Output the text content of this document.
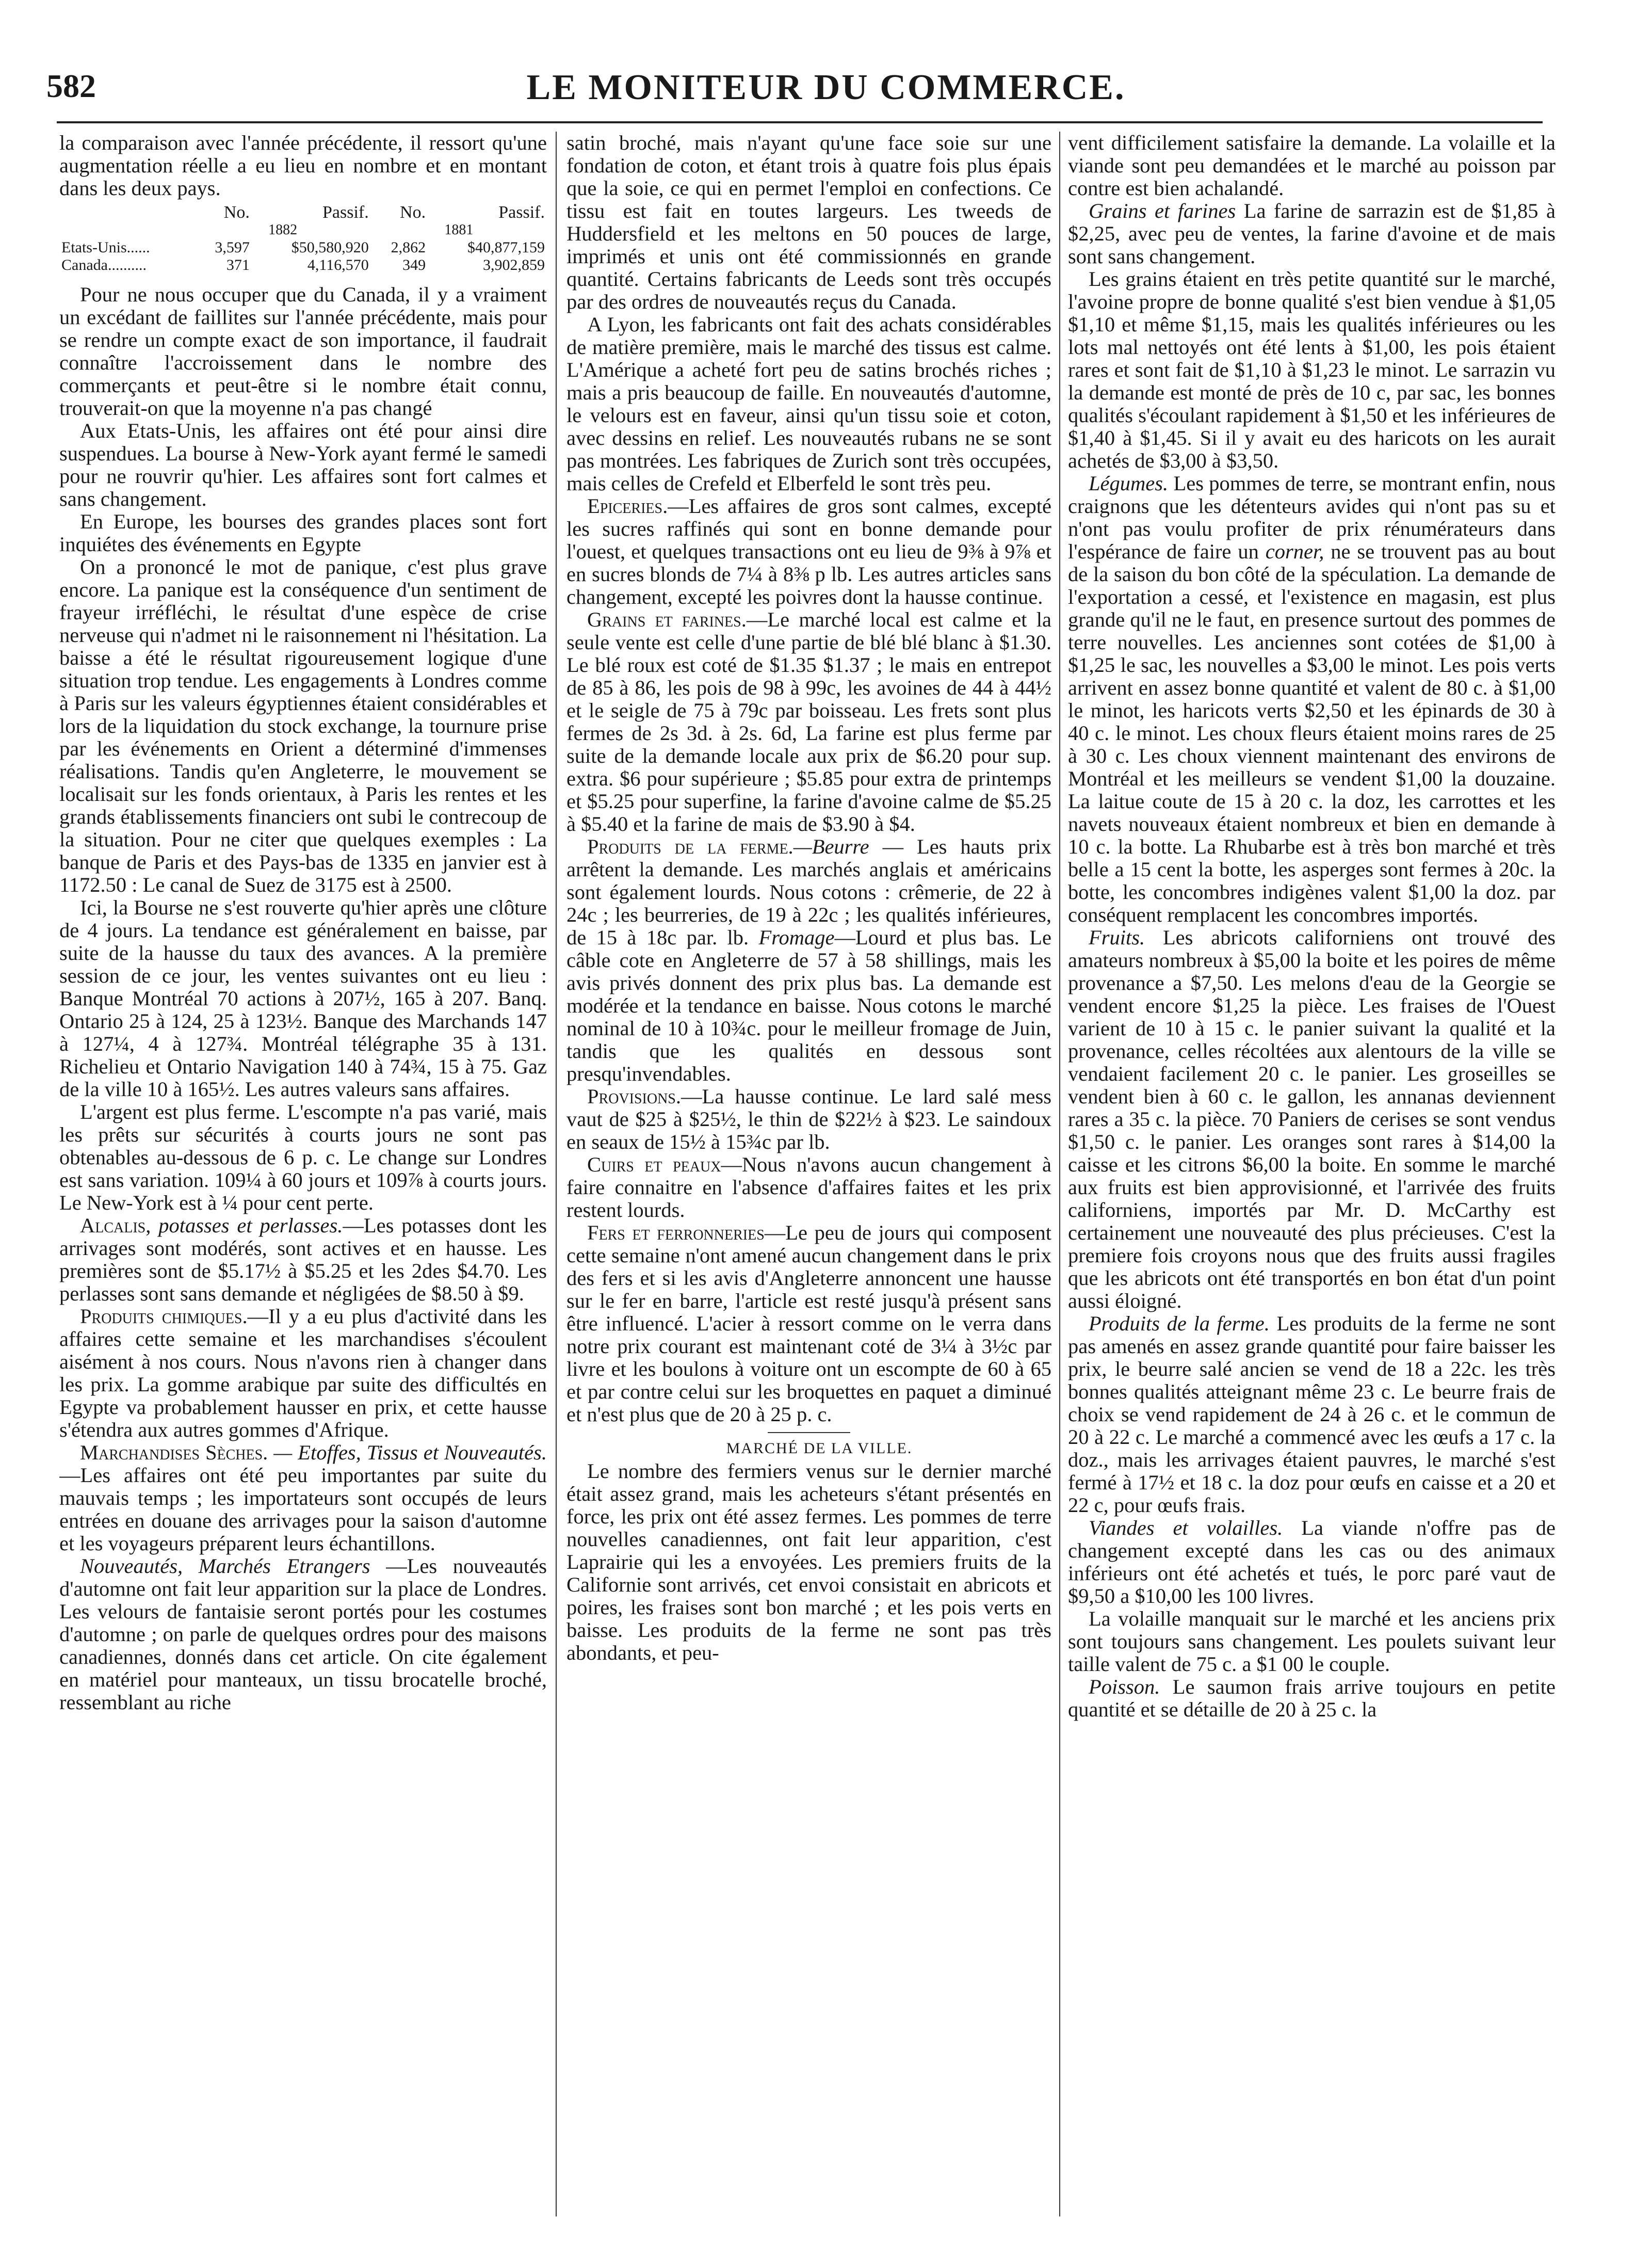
582	LE MONITEUR DU COMMERCE.

la comparaison avec l'année précédente, il ressort qu'une augmentation réelle a eu lieu en nombre et en montant dans les deux pays.

	No.	Passif.	No.	Passif.
	1882		1881	
Etats-Unis......	3,597	$50,580,920	2,862	$40,877,159
Canada..........	371	4,116,570	349	3,902,859

Pour ne nous occuper que du Canada, il y a vraiment un excédant de faillites sur l'année précédente, mais pour se rendre un compte exact de son importance, il faudrait connaître l'accroissement dans le nombre des commerçants et peut-être si le nombre était connu, trouverait-on que la moyenne n'a pas changé

Aux Etats-Unis, les affaires ont été pour ainsi dire suspendues. La bourse à New-York ayant fermé le samedi pour ne rouvrir qu'hier. Les affaires sont fort calmes et sans changement.

En Europe, les bourses des grandes places sont fort inquiétes des événements en Egypte

On a prononcé le mot de panique, c'est plus grave encore. La panique est la conséquence d'un sentiment de frayeur irréfléchi, le résultat d'une espèce de crise nerveuse qui n'admet ni le raisonnement ni l'hésitation. La baisse a été le résultat rigoureusement logique d'une situation trop tendue. Les engagements à Londres comme à Paris sur les valeurs égyptiennes étaient considérables et lors de la liquidation du stock exchange, la tournure prise par les événements en Orient a déterminé d'immenses réalisations. Tandis qu'en Angleterre, le mouvement se localisait sur les fonds orientaux, à Paris les rentes et les grands établissements financiers ont subi le contrecoup de la situation. Pour ne citer que quelques exemples : La banque de Paris et des Pays-bas de 1335 en janvier est à 1172.50 : Le canal de Suez de 3175 est à 2500.

Ici, la Bourse ne s'est rouverte qu'hier après une clôture de 4 jours. La tendance est généralement en baisse, par suite de la hausse du taux des avances. A la première session de ce jour, les ventes suivantes ont eu lieu : Banque Montréal 70 actions à 207½, 165 à 207. Banq. Ontario 25 à 124, 25 à 123½. Banque des Marchands 147 à 127¼, 4 à 127¾. Montréal télégraphe 35 à 131. Richelieu et Ontario Navigation 140 à 74¾, 15 à 75. Gaz de la ville 10 à 165½. Les autres valeurs sans affaires.

L'argent est plus ferme. L'escompte n'a pas varié, mais les prêts sur sécurités à courts jours ne sont pas obtenables au-dessous de 6 p. c. Le change sur Londres est sans variation. 109¼ à 60 jours et 109⅞ à courts jours. Le New-York est à ¼ pour cent perte.

Alcalis, potasses et perlasses.—Les potasses dont les arrivages sont modérés, sont actives et en hausse. Les premières sont de $5.17½ à $5.25 et les 2des $4.70. Les perlasses sont sans demande et négligées de $8.50 à $9.

Produits chimiques.—Il y a eu plus d'activité dans les affaires cette semaine et les marchandises s'écoulent aisément à nos cours. Nous n'avons rien à changer dans les prix. La gomme arabique par suite des difficultés en Egypte va probablement hausser en prix, et cette hausse s'étendra aux autres gommes d'Afrique.

Marchandises Sèches. — Etoffes, Tissus et Nouveautés.—Les affaires ont été peu importantes par suite du mauvais temps ; les importateurs sont occupés de leurs entrées en douane des arrivages pour la saison d'automne et les voyageurs préparent leurs échantillons.

Nouveautés, Marchés Etrangers —Les nouveautés d'automne ont fait leur apparition sur la place de Londres. Les velours de fantaisie seront portés pour les costumes d'automne ; on parle de quelques ordres pour des maisons canadiennes, donnés dans cet article. On cite également en matériel pour manteaux, un tissu brocatelle broché, ressemblant au riche

satin broché, mais n'ayant qu'une face soie sur une fondation de coton, et étant trois à quatre fois plus épais que la soie, ce qui en permet l'emploi en confections. Ce tissu est fait en toutes largeurs. Les tweeds de Huddersfield et les meltons en 50 pouces de large, imprimés et unis ont été commissionnés en grande quantité. Certains fabricants de Leeds sont très occupés par des ordres de nouveautés reçus du Canada.

A Lyon, les fabricants ont fait des achats considérables de matière première, mais le marché des tissus est calme. L'Amérique a acheté fort peu de satins brochés riches ; mais a pris beaucoup de faille. En nouveautés d'automne, le velours est en faveur, ainsi qu'un tissu soie et coton, avec dessins en relief. Les nouveautés rubans ne se sont pas montrées. Les fabriques de Zurich sont très occupées, mais celles de Crefeld et Elberfeld le sont très peu.

Epiceries.—Les affaires de gros sont calmes, excepté les sucres raffinés qui sont en bonne demande pour l'ouest, et quelques transactions ont eu lieu de 9⅜ à 9⅞ et en sucres blonds de 7¼ à 8⅜ p lb. Les autres articles sans changement, excepté les poivres dont la hausse continue.

Grains et farines.—Le marché local est calme et la seule vente est celle d'une partie de blé blé blanc à $1.30. Le blé roux est coté de $1.35 $1.37 ; le mais en entrepot de 85 à 86, les pois de 98 à 99c, les avoines de 44 à 44½ et le seigle de 75 à 79c par boisseau. Les frets sont plus fermes de 2s 3d. à 2s. 6d, La farine est plus ferme par suite de la demande locale aux prix de $6.20 pour sup. extra. $6 pour supérieure ; $5.85 pour extra de printemps et $5.25 pour superfine, la farine d'avoine calme de $5.25 à $5.40 et la farine de mais de $3.90 à $4.

Produits de la ferme.—Beurre — Les hauts prix arrêtent la demande. Les marchés anglais et américains sont également lourds. Nous cotons : crêmerie, de 22 à 24c ; les beurreries, de 19 à 22c ; les qualités inférieures, de 15 à 18c par. lb. Fromage—Lourd et plus bas. Le câble cote en Angleterre de 57 à 58 shillings, mais les avis privés donnent des prix plus bas. La demande est modérée et la tendance en baisse. Nous cotons le marché nominal de 10 à 10¾c. pour le meilleur fromage de Juin, tandis que les qualités en dessous sont presqu'invendables.

Provisions.—La hausse continue. Le lard salé mess vaut de $25 à $25½, le thin de $22½ à $23. Le saindoux en seaux de 15½ à 15¾c par lb.

Cuirs et peaux—Nous n'avons aucun changement à faire connaitre en l'absence d'affaires faites et les prix restent lourds.

Fers et ferronneries—Le peu de jours qui composent cette semaine n'ont amené aucun changement dans le prix des fers et si les avis d'Angleterre annoncent une hausse sur le fer en barre, l'article est resté jusqu'à présent sans être influencé. L'acier à ressort comme on le verra dans notre prix courant est maintenant coté de 3¼ à 3½c par livre et les boulons à voiture ont un escompte de 60 à 65 et par contre celui sur les broquettes en paquet a diminué et n'est plus que de 20 à 25 p. c.

MARCHÉ DE LA VILLE.

Le nombre des fermiers venus sur le dernier marché était assez grand, mais les acheteurs s'étant présentés en force, les prix ont été assez fermes. Les pommes de terre nouvelles canadiennes, ont fait leur apparition, c'est Laprairie qui les a envoyées. Les premiers fruits de la Californie sont arrivés, cet envoi consistait en abricots et poires, les fraises sont bon marché ; et les pois verts en baisse. Les produits de la ferme ne sont pas très abondants, et peu-

vent difficilement satisfaire la demande. La volaille et la viande sont peu demandées et le marché au poisson par contre est bien achalandé.

Grains et farines La farine de sarrazin est de $1,85 à $2,25, avec peu de ventes, la farine d'avoine et de mais sont sans changement.

Les grains étaient en très petite quantité sur le marché, l'avoine propre de bonne qualité s'est bien vendue à $1,05 $1,10 et même $1,15, mais les qualités inférieures ou les lots mal nettoyés ont été lents à $1,00, les pois étaient rares et sont fait de $1,10 à $1,23 le minot. Le sarrazin vu la demande est monté de près de 10 c, par sac, les bonnes qualités s'écoulant rapidement à $1,50 et les inférieures de $1,40 à $1,45. Si il y avait eu des haricots on les aurait achetés de $3,00 à $3,50.

Légumes. Les pommes de terre, se montrant enfin, nous craignons que les détenteurs avides qui n'ont pas su et n'ont pas voulu profiter de prix rénumérateurs dans l'espérance de faire un corner, ne se trouvent pas au bout de la saison du bon côté de la spéculation. La demande de l'exportation a cessé, et l'existence en magasin, est plus grande qu'il ne le faut, en presence surtout des pommes de terre nouvelles. Les anciennes sont cotées de $1,00 à $1,25 le sac, les nouvelles a $3,00 le minot. Les pois verts arrivent en assez bonne quantité et valent de 80 c. à $1,00 le minot, les haricots verts $2,50 et les épinards de 30 à 40 c. le minot. Les choux fleurs étaient moins rares de 25 à 30 c. Les choux viennent maintenant des environs de Montréal et les meilleurs se vendent $1,00 la douzaine. La laitue coute de 15 à 20 c. la doz, les carrottes et les navets nouveaux étaient nombreux et bien en demande à 10 c. la botte. La Rhubarbe est à très bon marché et très belle a 15 cent la botte, les asperges sont fermes à 20c. la botte, les concombres indigènes valent $1,00 la doz. par conséquent remplacent les concombres importés.

Fruits. Les abricots californiens ont trouvé des amateurs nombreux à $5,00 la boite et les poires de même provenance a $7,50. Les melons d'eau de la Georgie se vendent encore $1,25 la pièce. Les fraises de l'Ouest varient de 10 à 15 c. le panier suivant la qualité et la provenance, celles récoltées aux alentours de la ville se vendaient facilement 20 c. le panier. Les groseilles se vendent bien à 60 c. le gallon, les annanas deviennent rares a 35 c. la pièce. 70 Paniers de cerises se sont vendus $1,50 c. le panier. Les oranges sont rares à $14,00 la caisse et les citrons $6,00 la boite. En somme le marché aux fruits est bien approvisionné, et l'arrivée des fruits californiens, importés par Mr. D. McCarthy est certainement une nouveauté des plus précieuses. C'est la premiere fois croyons nous que des fruits aussi fragiles que les abricots ont été transportés en bon état d'un point aussi éloigné.

Produits de la ferme. Les produits de la ferme ne sont pas amenés en assez grande quantité pour faire baisser les prix, le beurre salé ancien se vend de 18 a 22c. les très bonnes qualités atteignant même 23 c. Le beurre frais de choix se vend rapidement de 24 à 26 c. et le commun de 20 à 22 c. Le marché a commencé avec les œufs a 17 c. la doz., mais les arrivages étaient pauvres, le marché s'est fermé à 17½ et 18 c. la doz pour œufs en caisse et a 20 et 22 c, pour œufs frais.

Viandes et volailles. La viande n'offre pas de changement excepté dans les cas ou des animaux inférieurs ont été achetés et tués, le porc paré vaut de $9,50 a $10,00 les 100 livres.

La volaille manquait sur le marché et les anciens prix sont toujours sans changement. Les poulets suivant leur taille valent de 75 c. a $1 00 le couple.

Poisson. Le saumon frais arrive toujours en petite quantité et se détaille de 20 à 25 c. la
